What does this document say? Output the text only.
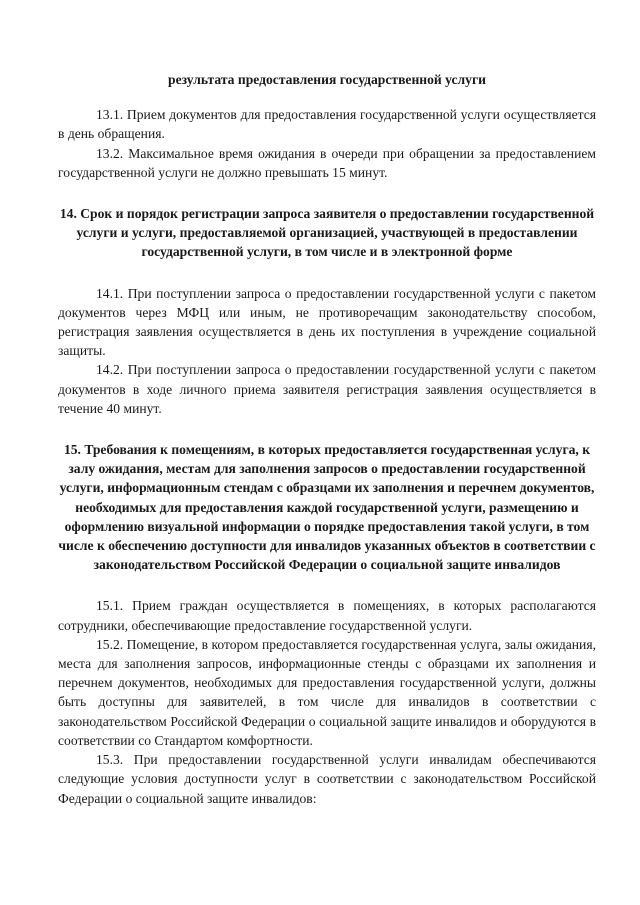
результата предоставления государственной услуги

13.1. Прием документов для предоставления государственной услуги осуществляется в день обращения.

13.2. Максимальное время ожидания в очереди при обращении за предоставлением государственной услуги не должно превышать 15 минут.

14. Срок и порядок регистрации запроса заявителя о предоставлении государственной услуги и услуги, предоставляемой организацией, участвующей в предоставлении государственной услуги, в том числе и в электронной форме

14.1. При поступлении запроса о предоставлении государственной услуги с пакетом документов через МФЦ или иным, не противоречащим законодательству способом, регистрация заявления осуществляется в день их поступления в учреждение социальной защиты.

14.2. При поступлении запроса о предоставлении государственной услуги с пакетом документов в ходе личного приема заявителя регистрация заявления осуществляется в течение 40 минут.

15. Требования к помещениям, в которых предоставляется государственная услуга, к залу ожидания, местам для заполнения запросов о предоставлении государственной услуги, информационным стендам с образцами их заполнения и перечнем документов, необходимых для предоставления каждой государственной услуги, размещению и оформлению визуальной информации о порядке предоставления такой услуги, в том числе к обеспечению доступности для инвалидов указанных объектов в соответствии с законодательством Российской Федерации о социальной защите инвалидов

15.1. Прием граждан осуществляется в помещениях, в которых располагаются сотрудники, обеспечивающие предоставление государственной услуги.

15.2. Помещение, в котором предоставляется государственная услуга, залы ожидания, места для заполнения запросов, информационные стенды с образцами их заполнения и перечнем документов, необходимых для предоставления государственной услуги, должны быть доступны для заявителей, в том числе для инвалидов в соответствии с законодательством Российской Федерации о социальной защите инвалидов и оборудуются в соответствии со Стандартом комфортности.

15.3. При предоставлении государственной услуги инвалидам обеспечиваются следующие условия доступности услуг в соответствии с законодательством Российской Федерации о социальной защите инвалидов:
